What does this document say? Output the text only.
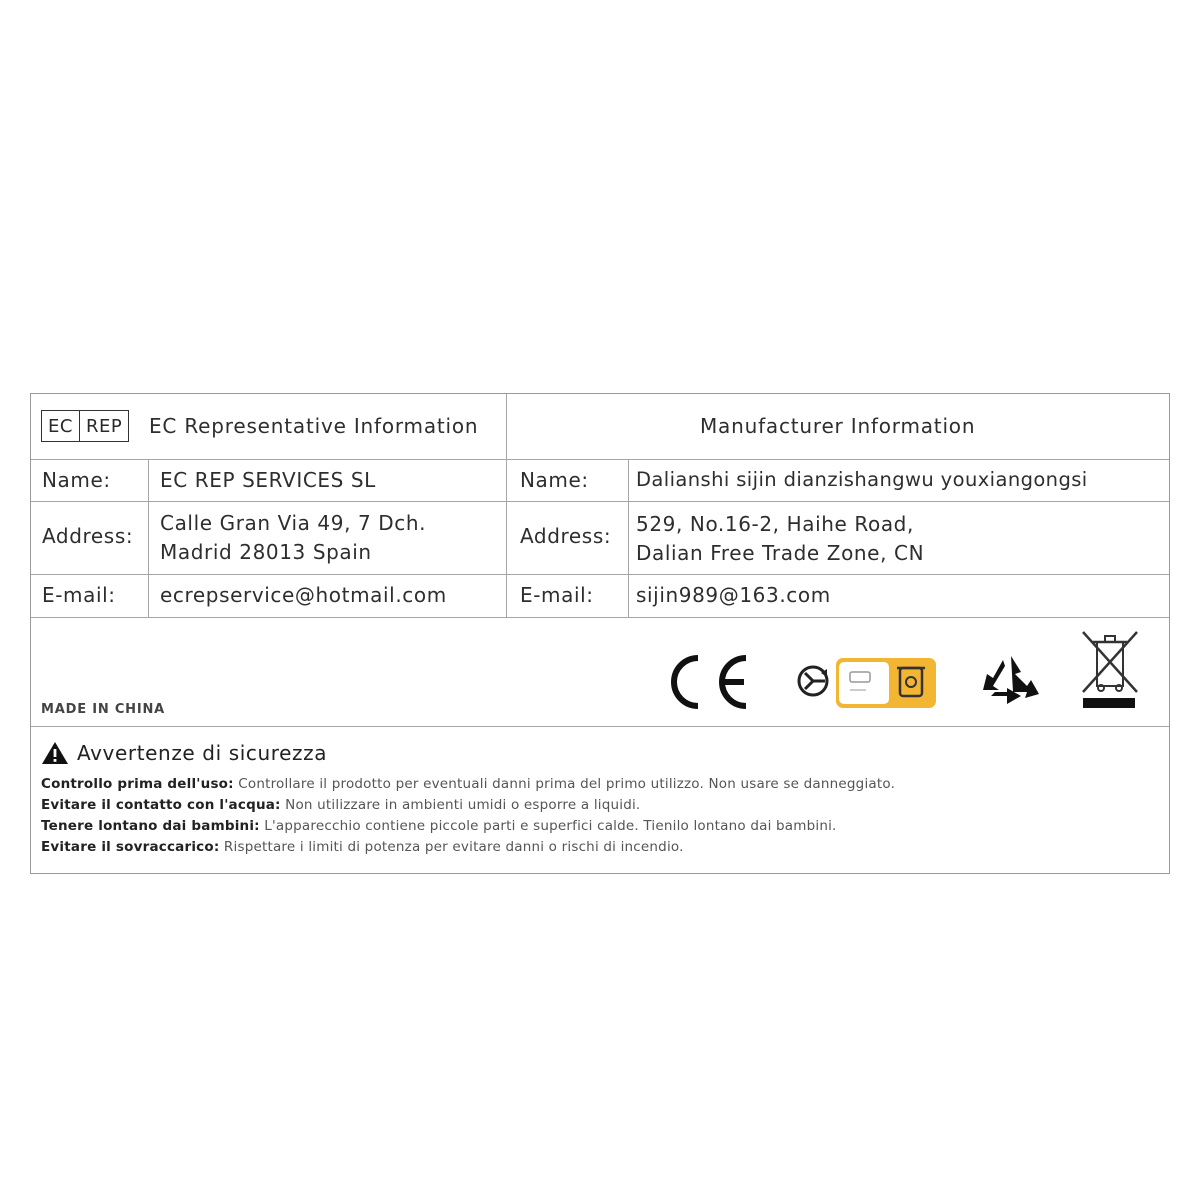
EC REP	EC Representative Information	Manufacturer Information
Name: EC REP SERVICES SL
Address:
Calle Gran Via 49, 7 Dch.
Madrid 28013 Spain
E-mail: ecrepservice@hotmail.com
Name: Dalianshi sijin dianzishangwu youxiangongsi
Address: 529, No.16-2, Haihe Road,
Dalian Free Trade Zone, CN
E-mail: sijin989@163.com
MADE IN CHINA
CE
Avvertenze di sicurezza
Controllo prima dell'uso: Controllare il prodotto per eventuali danni prima del primo utilizzo. Non usare se danneggiato.
Evitare il contatto con l'acqua: Non utilizzare in ambienti umidi o esporre a liquidi.
Tenere lontano dai bambini: L'apparecchio contiene piccole parti e superfici calde. Tienilo lontano dai bambini.
Evitare il sovraccarico: Rispettare i limiti di potenza per evitare danni o rischi di incendio.
